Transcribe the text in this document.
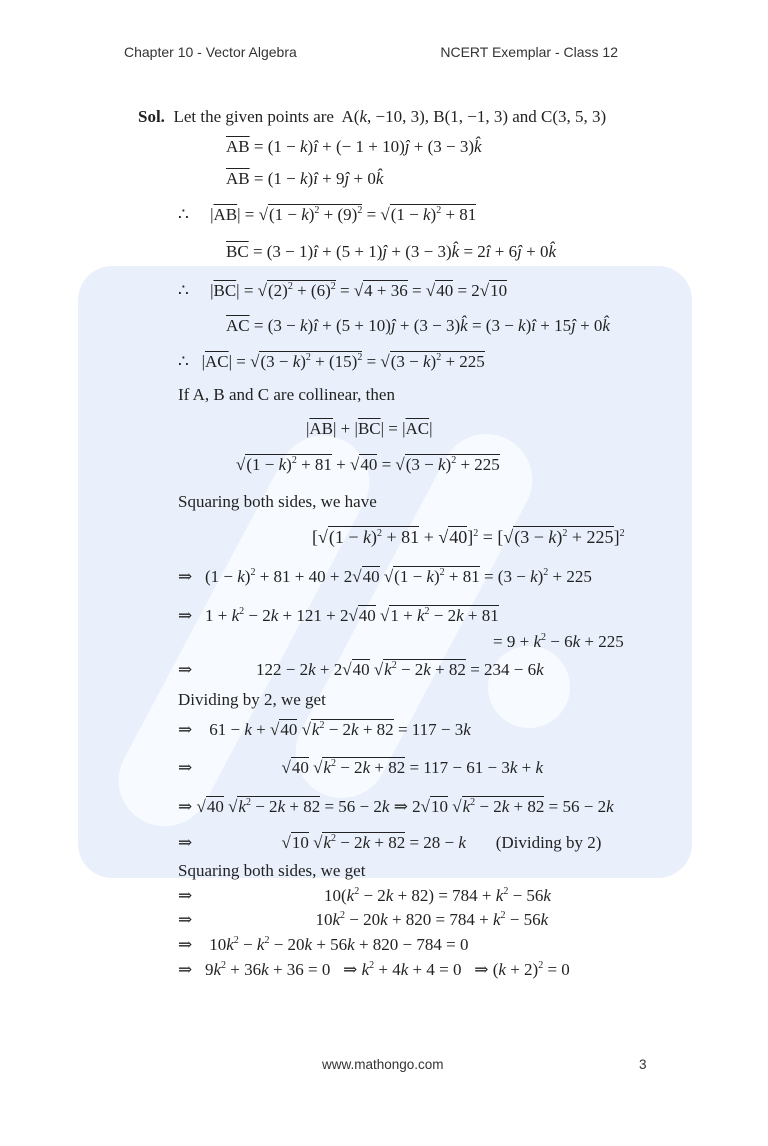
Chapter 10 - Vector Algebra	NCERT Exemplar - Class 12
Sol. Let the given points are  A(k, −10, 3), B(1, −1, 3) and C(3, 5, 3)
$\overline{AB} = (1$ − k)î + (− 1 + 10)ĵ + (3 − 3)k̂
$\overline{AB} = (1$ − k)î + 9ĵ + 0k̂
∴     $|\overline{AB}| = √(1 - k)^2 + (9)^2 = √(1 - k)^2 + 81$
$\overline{BC} = (3$ − 1)î + (5 + 1)ĵ + (3 − 3)k̂ = 2î + 6ĵ + 0k̂
∴     $|\overline{BC}| = √(2)^2 + (6)^2 = √4 + 36 = √40 = 2√10$
$\overline{AC} = (3$ − k)î + (5 + 10)ĵ + (3 − 3)k̂ = (3 − k)î + 15ĵ + 0k̂
∴   $|\overline{AC}| = √(3 - k)^2 + (15)^2 = √(3 - k)^2 + 225$
If A, B and C are collinear, then
$|\overline{AB}| + |\overline{BC}| = |\overline{AC}|$
$√(1 - k)^2 + 81 + √40 = √(3 - k)^2 + 225$
Squaring both sides, we have
$[√(1 - k)^2 + 81 + √40]^2 = [√(3 - k)^2 + 225]^2$
⇒   $(1 - k)^2 + 81 + 40 + 2√40$ $√(1 - k)^2 + 81 = (3 - k)^2 + 225$
⇒   $1 + k^2 - 2k + 121 + 2√40$ $√1 + k^2 - 2k + 81$
= $9 + k^2 - 6k + 225$
⇒               122 − 2k + 2√40 $√k^2 - 2k + 82 = 234 - 6k$
Dividing by 2, we get
⇒    61 − k + √40 $√k^2 - 2k + 82 = 117 - 3k$
⇒                     √40 $√k^2 - 2k + 82 = 117 - 61 - 3k + k$
⇒ √40 $√k^2 - 2k + 82 = 56 - 2k$ ⇒ 2√10 $√k^2 - 2k + 82 = 56 - 2k$
⇒                     √10 $√k^2 - 2k + 82 = 28 - k$       (Dividing by 2)
Squaring both sides, we get
⇒                               $10(k^2 - 2k + 82) = 784 + k^2 - 56k$
⇒                             $10k^2 - 20k + 820 = 784 + k^2 - 56k$
⇒    $10k^2 - k^2 - 20k + 56k + 820 - 784 = 0$
⇒   $9k^2 + 36k + 36 = 0$   ⇒ $k^2 + 4k + 4 = 0$   ⇒ $(k + 2)^2 = 0$
www.mathongo.com	3
